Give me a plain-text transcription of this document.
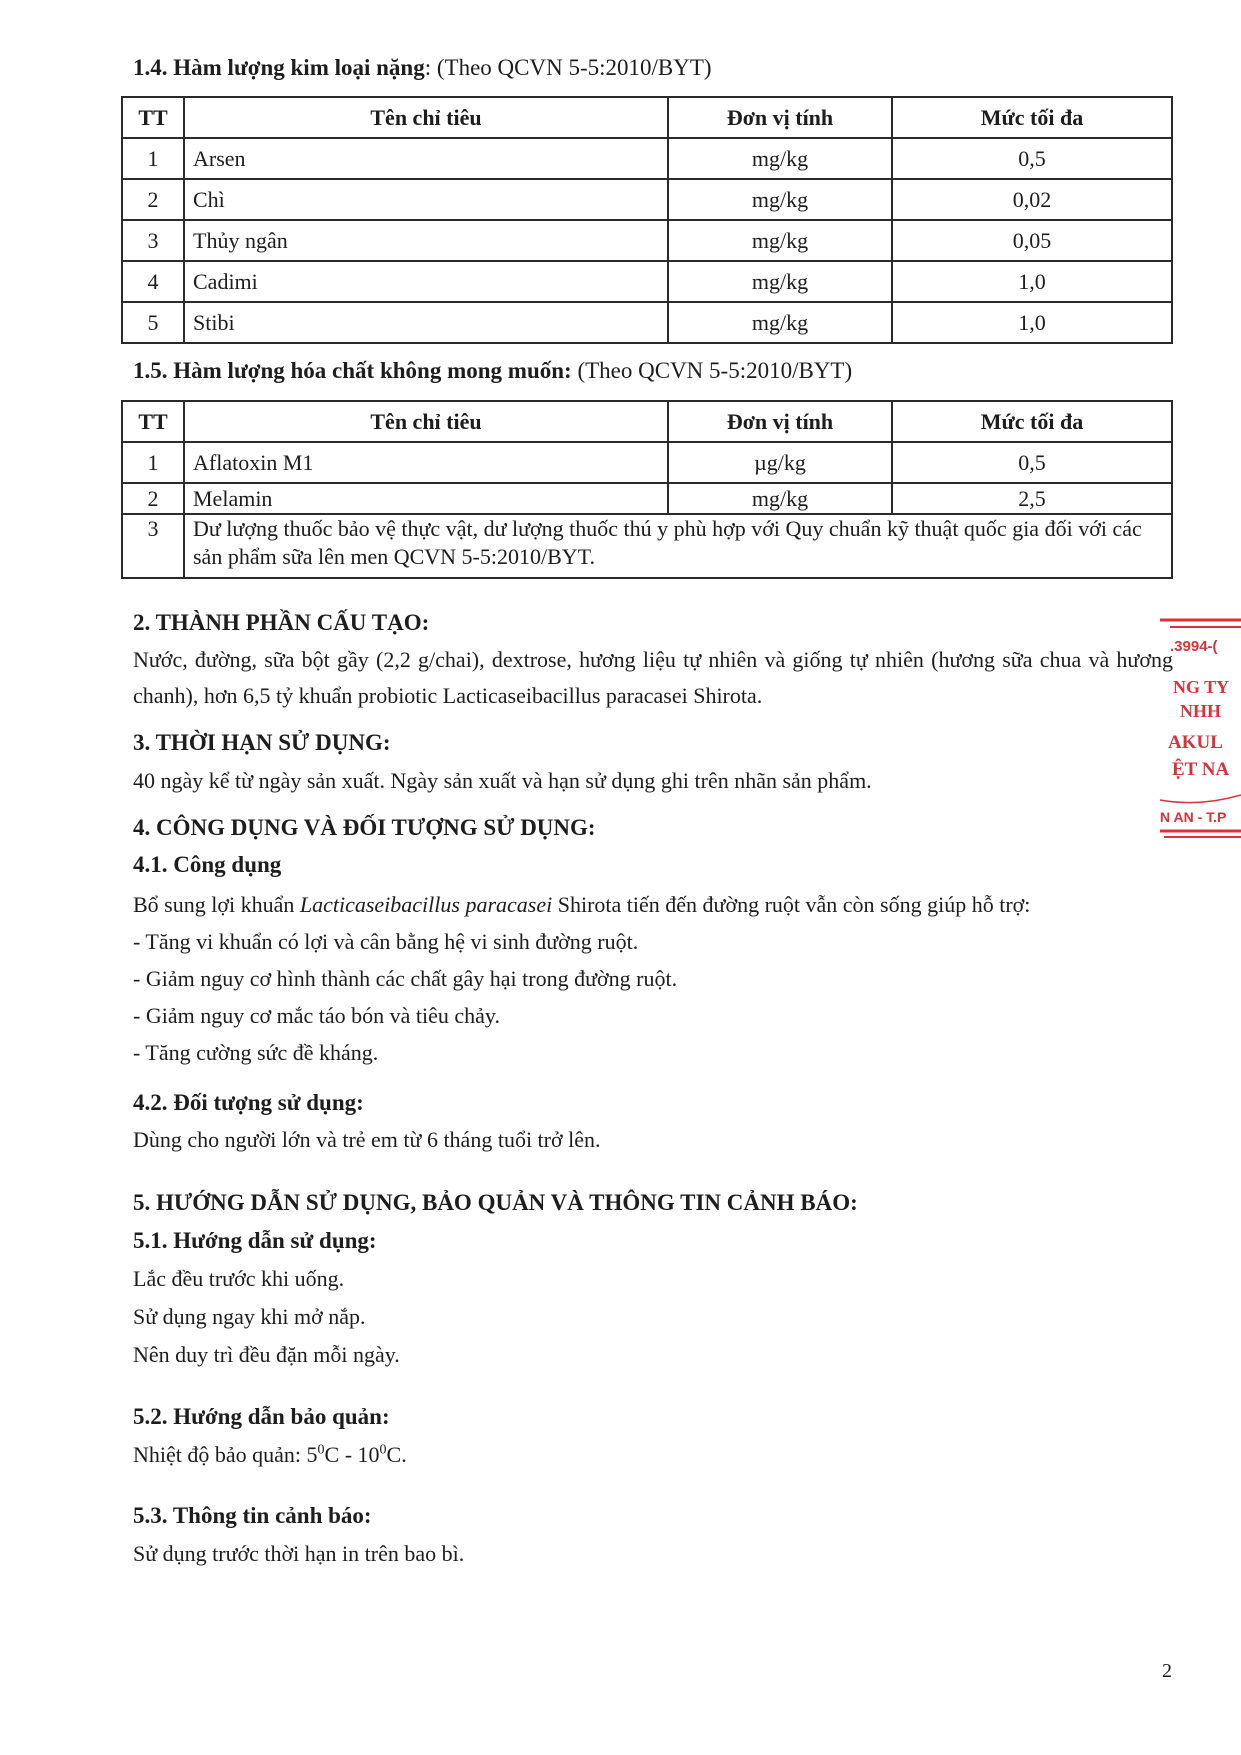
1.4. Hàm lượng kim loại nặng: (Theo QCVN 5-5:2010/BYT)
TT	Tên chỉ tiêu	Đơn vị tính	Mức tối đa
1	Arsen	mg/kg	0,5
2	Chì	mg/kg	0,02
3	Thủy ngân	mg/kg	0,05
4	Cadimi	mg/kg	1,0
5	Stibi	mg/kg	1,0
1.5. Hàm lượng hóa chất không mong muốn: (Theo QCVN 5-5:2010/BYT)
TT	Tên chỉ tiêu	Đơn vị tính	Mức tối đa
1	Aflatoxin M1	µg/kg	0,5
2	Melamin	mg/kg	2,5
3	Dư lượng thuốc bảo vệ thực vật, dư lượng thuốc thú y phù hợp với Quy chuẩn kỹ thuật quốc gia đối với các sản phẩm sữa lên men QCVN 5-5:2010/BYT.		
2. THÀNH PHẦN CẤU TẠO:
Nước, đường, sữa bột gầy (2,2 g/chai), dextrose, hương liệu tự nhiên và giống tự nhiên (hương sữa chua và hương chanh), hơn 6,5 tỷ khuẩn probiotic Lacticaseibacillus paracasei Shirota.
3. THỜI HẠN SỬ DỤNG:
40 ngày kể từ ngày sản xuất. Ngày sản xuất và hạn sử dụng ghi trên nhãn sản phẩm.
4. CÔNG DỤNG VÀ ĐỐI TƯỢNG SỬ DỤNG:
4.1. Công dụng
Bổ sung lợi khuẩn Lacticaseibacillus paracasei Shirota tiến đến đường ruột vẫn còn sống giúp hỗ trợ:
- Tăng vi khuẩn có lợi và cân bằng hệ vi sinh đường ruột.
- Giảm nguy cơ hình thành các chất gây hại trong đường ruột.
- Giảm nguy cơ mắc táo bón và tiêu chảy.
- Tăng cường sức đề kháng.
4.2. Đối tượng sử dụng:
Dùng cho người lớn và trẻ em từ 6 tháng tuổi trở lên.
5. HƯỚNG DẪN SỬ DỤNG, BẢO QUẢN VÀ THÔNG TIN CẢNH BÁO:
5.1. Hướng dẫn sử dụng:
Lắc đều trước khi uống.
Sử dụng ngay khi mở nắp.
Nên duy trì đều đặn mỗi ngày.
5.2. Hướng dẫn bảo quản:
Nhiệt độ bảo quản: $5^0C - 10^0C$.
5.3. Thông tin cảnh báo:
Sử dụng trước thời hạn in trên bao bì.
.3994-(
NG TY
NHH
AKUL
ỆT NA
N AN - T.P
2
